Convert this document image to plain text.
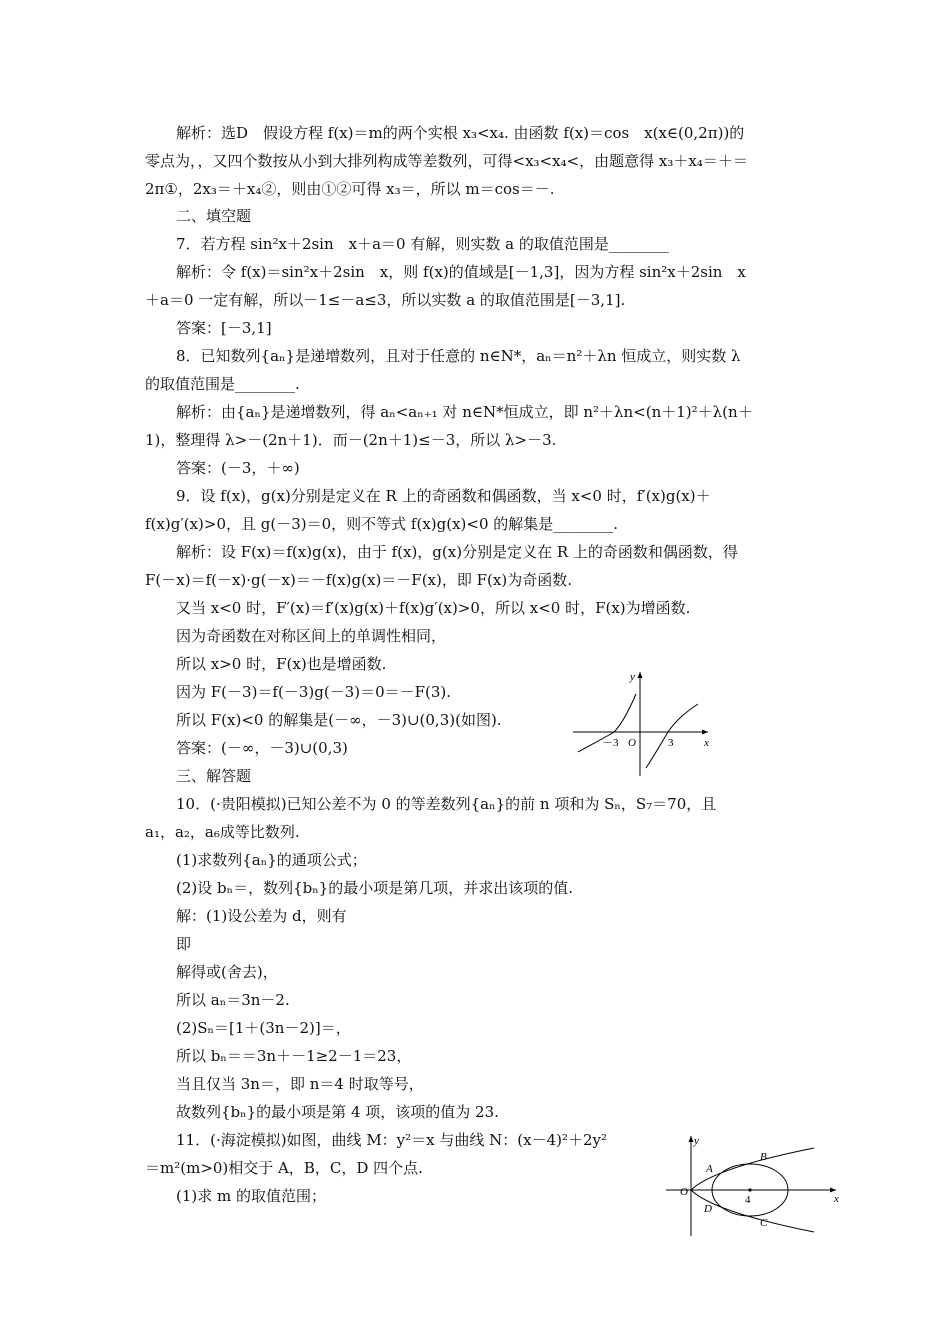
解析：选D　假设方程 f(x)＝m的两个实根 x₃<x₄. 由函数 f(x)＝cos　x(x∈(0,2π))的
零点为，，又四个数按从小到大排列构成等差数列，可得<x₃<x₄<，由题意得 x₃＋x₄＝＋＝
2π①，2x₃＝＋x₄②，则由①②可得 x₃＝，所以 m＝cos＝－.
二、填空题
7．若方程 sin²x＋2sin　x＋a＝0 有解，则实数 a 的取值范围是________
解析：令 f(x)＝sin²x＋2sin　x，则 f(x)的值域是[－1,3]，因为方程 sin²x＋2sin　x
＋a＝0 一定有解，所以－1≤－a≤3，所以实数 a 的取值范围是[－3,1].
答案：[－3,1]
8．已知数列{aₙ}是递增数列，且对于任意的 n∈N*，aₙ＝n²＋λn 恒成立，则实数 λ
的取值范围是________.
解析：由{aₙ}是递增数列，得 aₙ<aₙ₊₁ 对 n∈N*恒成立，即 n²＋λn<(n＋1)²＋λ(n＋
1)，整理得 λ>－(2n＋1)．而－(2n＋1)≤－3，所以 λ>－3.
答案：(－3，＋∞)
9．设 f(x)，g(x)分别是定义在 R 上的奇函数和偶函数，当 x<0 时，f′(x)g(x)＋
f(x)g′(x)>0，且 g(－3)＝0，则不等式 f(x)g(x)<0 的解集是________.
解析：设 F(x)＝f(x)g(x)，由于 f(x)，g(x)分别是定义在 R 上的奇函数和偶函数，得
F(－x)＝f(－x)·g(－x)＝－f(x)g(x)＝－F(x)，即 F(x)为奇函数.
又当 x<0 时，F′(x)＝f′(x)g(x)＋f(x)g′(x)>0，所以 x<0 时，F(x)为增函数.
因为奇函数在对称区间上的单调性相同，
所以 x>0 时，F(x)也是增函数.
因为 F(－3)＝f(－3)g(－3)＝0＝－F(3).
所以 F(x)<0 的解集是(－∞，－3)∪(0,3)(如图).
答案：(－∞，－3)∪(0,3)
三、解答题
10．(·贵阳模拟)已知公差不为 0 的等差数列{aₙ}的前 n 项和为 Sₙ，S₇＝70，且
a₁，a₂，a₆成等比数列.
(1)求数列{aₙ}的通项公式；
(2)设 bₙ＝，数列{bₙ}的最小项是第几项，并求出该项的值.
解：(1)设公差为 d，则有
即
解得或(舍去)，
所以 aₙ＝3n－2.
(2)Sₙ＝[1＋(3n－2)]＝，
所以 bₙ＝＝3n＋－1≥2－1＝23，
当且仅当 3n＝，即 n＝4 时取等号，
故数列{bₙ}的最小项是第 4 项，该项的值为 23.
11．(·海淀模拟)如图，曲线 M：y²＝x 与曲线 N：(x－4)²＋2y²
＝m²(m>0)相交于 A，B，C，D 四个点.
(1)求 m 的取值范围；
y
x
O
－3	3
y
x
O
4
A
B
C
D
